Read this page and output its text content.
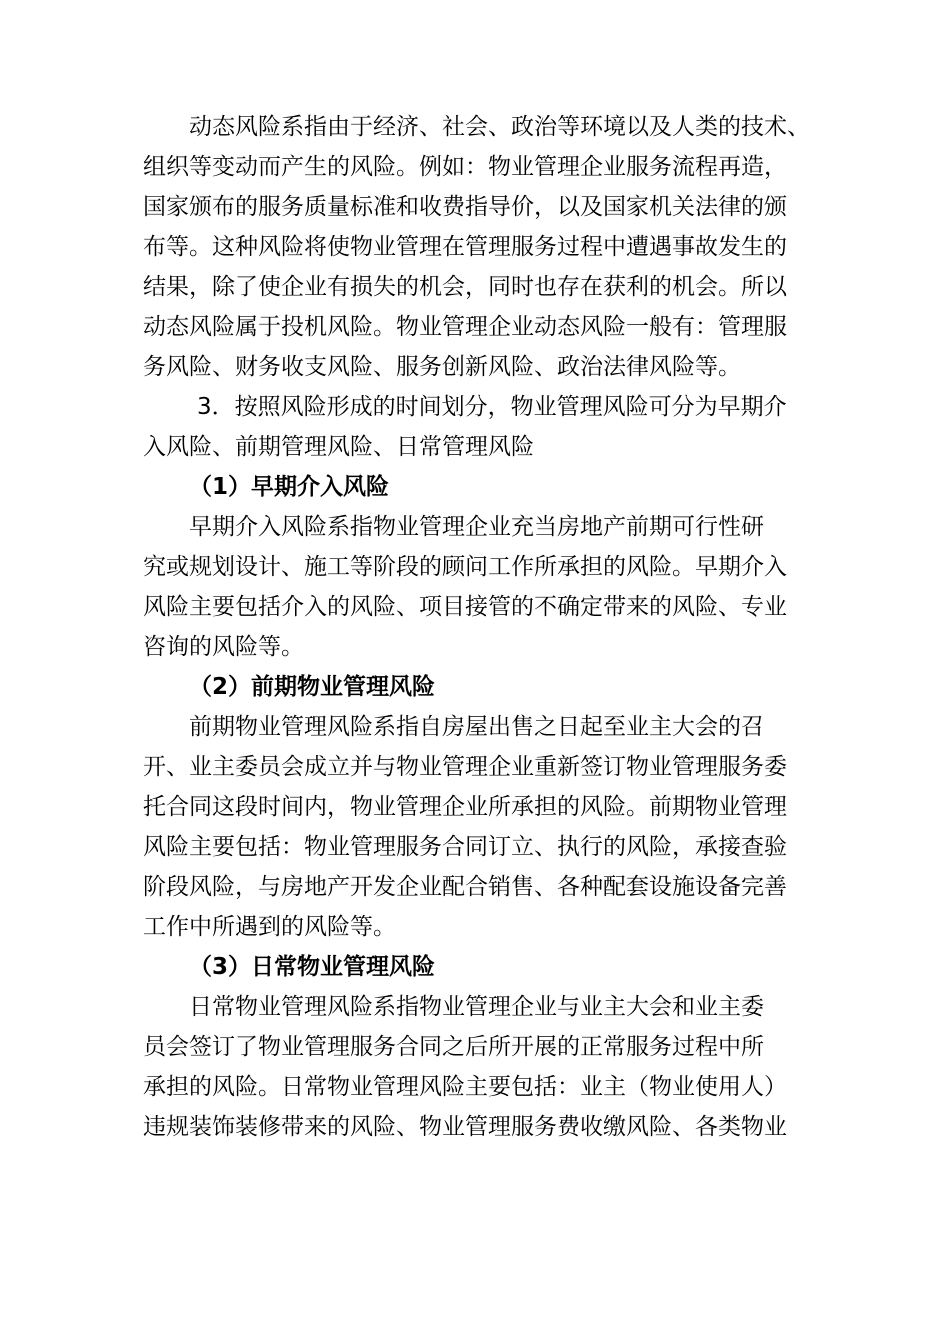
动态风险系指由于经济、社会、政治等环境以及人类的技术、
组织等变动而产生的风险。例如：物业管理企业服务流程再造，
国家颁布的服务质量标准和收费指导价，以及国家机关法律的颁
布等。这种风险将使物业管理在管理服务过程中遭遇事故发生的
结果，除了使企业有损失的机会，同时也存在获利的机会。所以
动态风险属于投机风险。物业管理企业动态风险一般有：管理服
务风险、财务收支风险、服务创新风险、政治法律风险等。
3．按照风险形成的时间划分，物业管理风险可分为早期介
入风险、前期管理风险、日常管理风险
（1）早期介入风险
早期介入风险系指物业管理企业充当房地产前期可行性研
究或规划设计、施工等阶段的顾问工作所承担的风险。早期介入
风险主要包括介入的风险、项目接管的不确定带来的风险、专业
咨询的风险等。
（2）前期物业管理风险
前期物业管理风险系指自房屋出售之日起至业主大会的召
开、业主委员会成立并与物业管理企业重新签订物业管理服务委
托合同这段时间内，物业管理企业所承担的风险。前期物业管理
风险主要包括：物业管理服务合同订立、执行的风险，承接查验
阶段风险，与房地产开发企业配合销售、各种配套设施设备完善
工作中所遇到的风险等。
（3）日常物业管理风险
日常物业管理风险系指物业管理企业与业主大会和业主委
员会签订了物业管理服务合同之后所开展的正常服务过程中所
承担的风险。日常物业管理风险主要包括：业主（物业使用人）
违规装饰装修带来的风险、物业管理服务费收缴风险、各类物业
